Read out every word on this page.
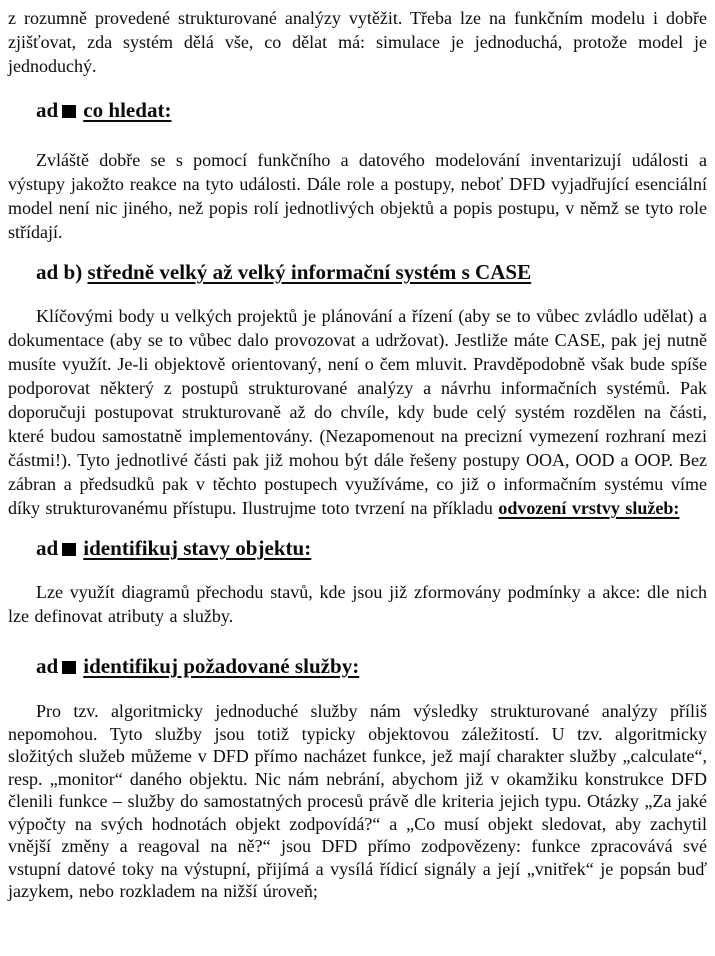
z rozumně provedené strukturované analýzy vytěžit. Třeba lze na funkčním modelu i dobře zjišťovat, zda systém dělá vše, co dělat má: simulace je jednoduchá, protože model je jednoduchý.

ad co hledat:

Zvláště dobře se s pomocí funkčního a datového modelování inventarizují události a výstupy jakožto reakce na tyto události. Dále role a postupy, neboť DFD vyjadřující esenciální model není nic jiného, než popis rolí jednotlivých objektů a popis postupu, v němž se tyto role střídají.

ad b) středně velký až velký informační systém s CASE

Klíčovými body u velkých projektů je plánování a řízení (aby se to vůbec zvládlo udělat) a dokumentace (aby se to vůbec dalo provozovat a udržovat). Jestliže máte CASE, pak jej nutně musíte využít. Je-li objektově orientovaný, není o čem mluvit. Pravděpodobně však bude spíše podporovat některý z postupů strukturované analýzy a návrhu informačních systémů. Pak doporučuji postupovat strukturovaně až do chvíle, kdy bude celý systém rozdělen na části, které budou samostatně implementovány. (Nezapomenout na precizní vymezení rozhraní mezi částmi!). Tyto jednotlivé části pak již mohou být dále řešeny postupy OOA, OOD a OOP. Bez zábran a předsudků pak v těchto postupech využíváme, co již o informačním systému víme díky strukturovanému přístupu. Ilustrujme toto tvrzení na příkladu odvození vrstvy služeb:

ad identifikuj stavy objektu:

Lze využít diagramů přechodu stavů, kde jsou již zformovány podmínky a akce: dle nich lze definovat atributy a služby.

ad identifikuj požadované služby:

Pro tzv. algoritmicky jednoduché služby nám výsledky strukturované analýzy příliš nepomohou. Tyto služby jsou totiž typicky objektovou záležitostí. U tzv. algoritmicky složitých služeb můžeme v DFD přímo nacházet funkce, jež mají charakter služby „calculate“, resp. „monitor“ daného objektu. Nic nám nebrání, abychom již v okamžiku konstrukce DFD členili funkce – služby do samostatných procesů právě dle kriteria jejich typu. Otázky „Za jaké výpočty na svých hodnotách objekt zodpovídá?“ a „Co musí objekt sledovat, aby zachytil vnější změny a reagoval na ně?“ jsou DFD přímo zodpovězeny: funkce zpracovává své vstupní datové toky na výstupní, přijímá a vysílá řídicí signály a její „vnitřek“ je popsán buď jazykem, nebo rozkladem na nižší úroveň;
